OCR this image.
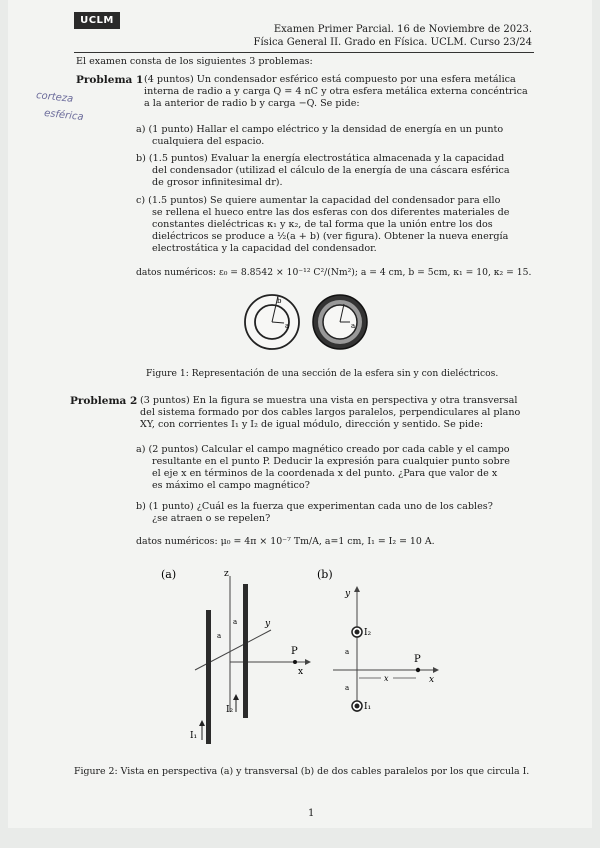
UCLM
Examen Primer Parcial. 16 de Noviembre de 2023.
Física General II. Grado en Física. UCLM. Curso 23/24
El examen consta de los siguientes 3 problemas:
corteza
esférica
Problema 1 (4 puntos) Un condensador esférico está compuesto por una esfera metálica
interna de radio a y carga Q = 4 nC y otra esfera metálica externa concéntrica
a la anterior de radio b y carga −Q. Se pide:
a) (1 punto) Hallar el campo eléctrico y la densidad de energía en un punto
cualquiera del espacio.
b) (1.5 puntos) Evaluar la energía electrostática almacenada y la capacidad
del condensador (utilizad el cálculo de la energía de una cáscara esférica
de grosor infinitesimal dr).
c) (1.5 puntos) Se quiere aumentar la capacidad del condensador para ello
se rellena el hueco entre las dos esferas con dos diferentes materiales de
constantes dieléctricas κ₁ y κ₂, de tal forma que la unión entre los dos
dieléctricos se produce a ½(a + b) (ver figura). Obtener la nueva energía
electrostática y la capacidad del condensador.
datos numéricos: ε₀ = 8.8542 × 10⁻¹² C²/(Nm²); a = 4 cm, b = 5cm, κ₁ = 10, κ₂ = 15.
a
b
a
Figure 1: Representación de una sección de la esfera sin y con dieléctricos.
Problema 2 (3 puntos) En la figura se muestra una vista en perspectiva y otra transversal
del sistema formado por dos cables largos paralelos, perpendiculares al plano
XY, con corrientes I₁ y I₂ de igual módulo, dirección y sentido. Se pide:
a) (2 puntos) Calcular el campo magnético creado por cada cable y el campo
resultante en el punto P. Deducir la expresión para cualquier punto sobre
el eje x en términos de la coordenada x del punto. ¿Para que valor de x
es máximo el campo magnético?
b) (1 punto) ¿Cuál es la fuerza que experimentan cada uno de los cables?
¿se atraen o se repelen?
datos numéricos: μ₀ = 4π × 10⁻⁷ Tm/A, a=1 cm, I₁ = I₂ = 10 A.
(a)	z
y
x
P
a
a
I₂
I₁
(b)
y
x
P
x
I₂
I₁
a
a
Figure 2: Vista en perspectiva (a) y transversal (b) de dos cables paralelos por los que circula I.
1
